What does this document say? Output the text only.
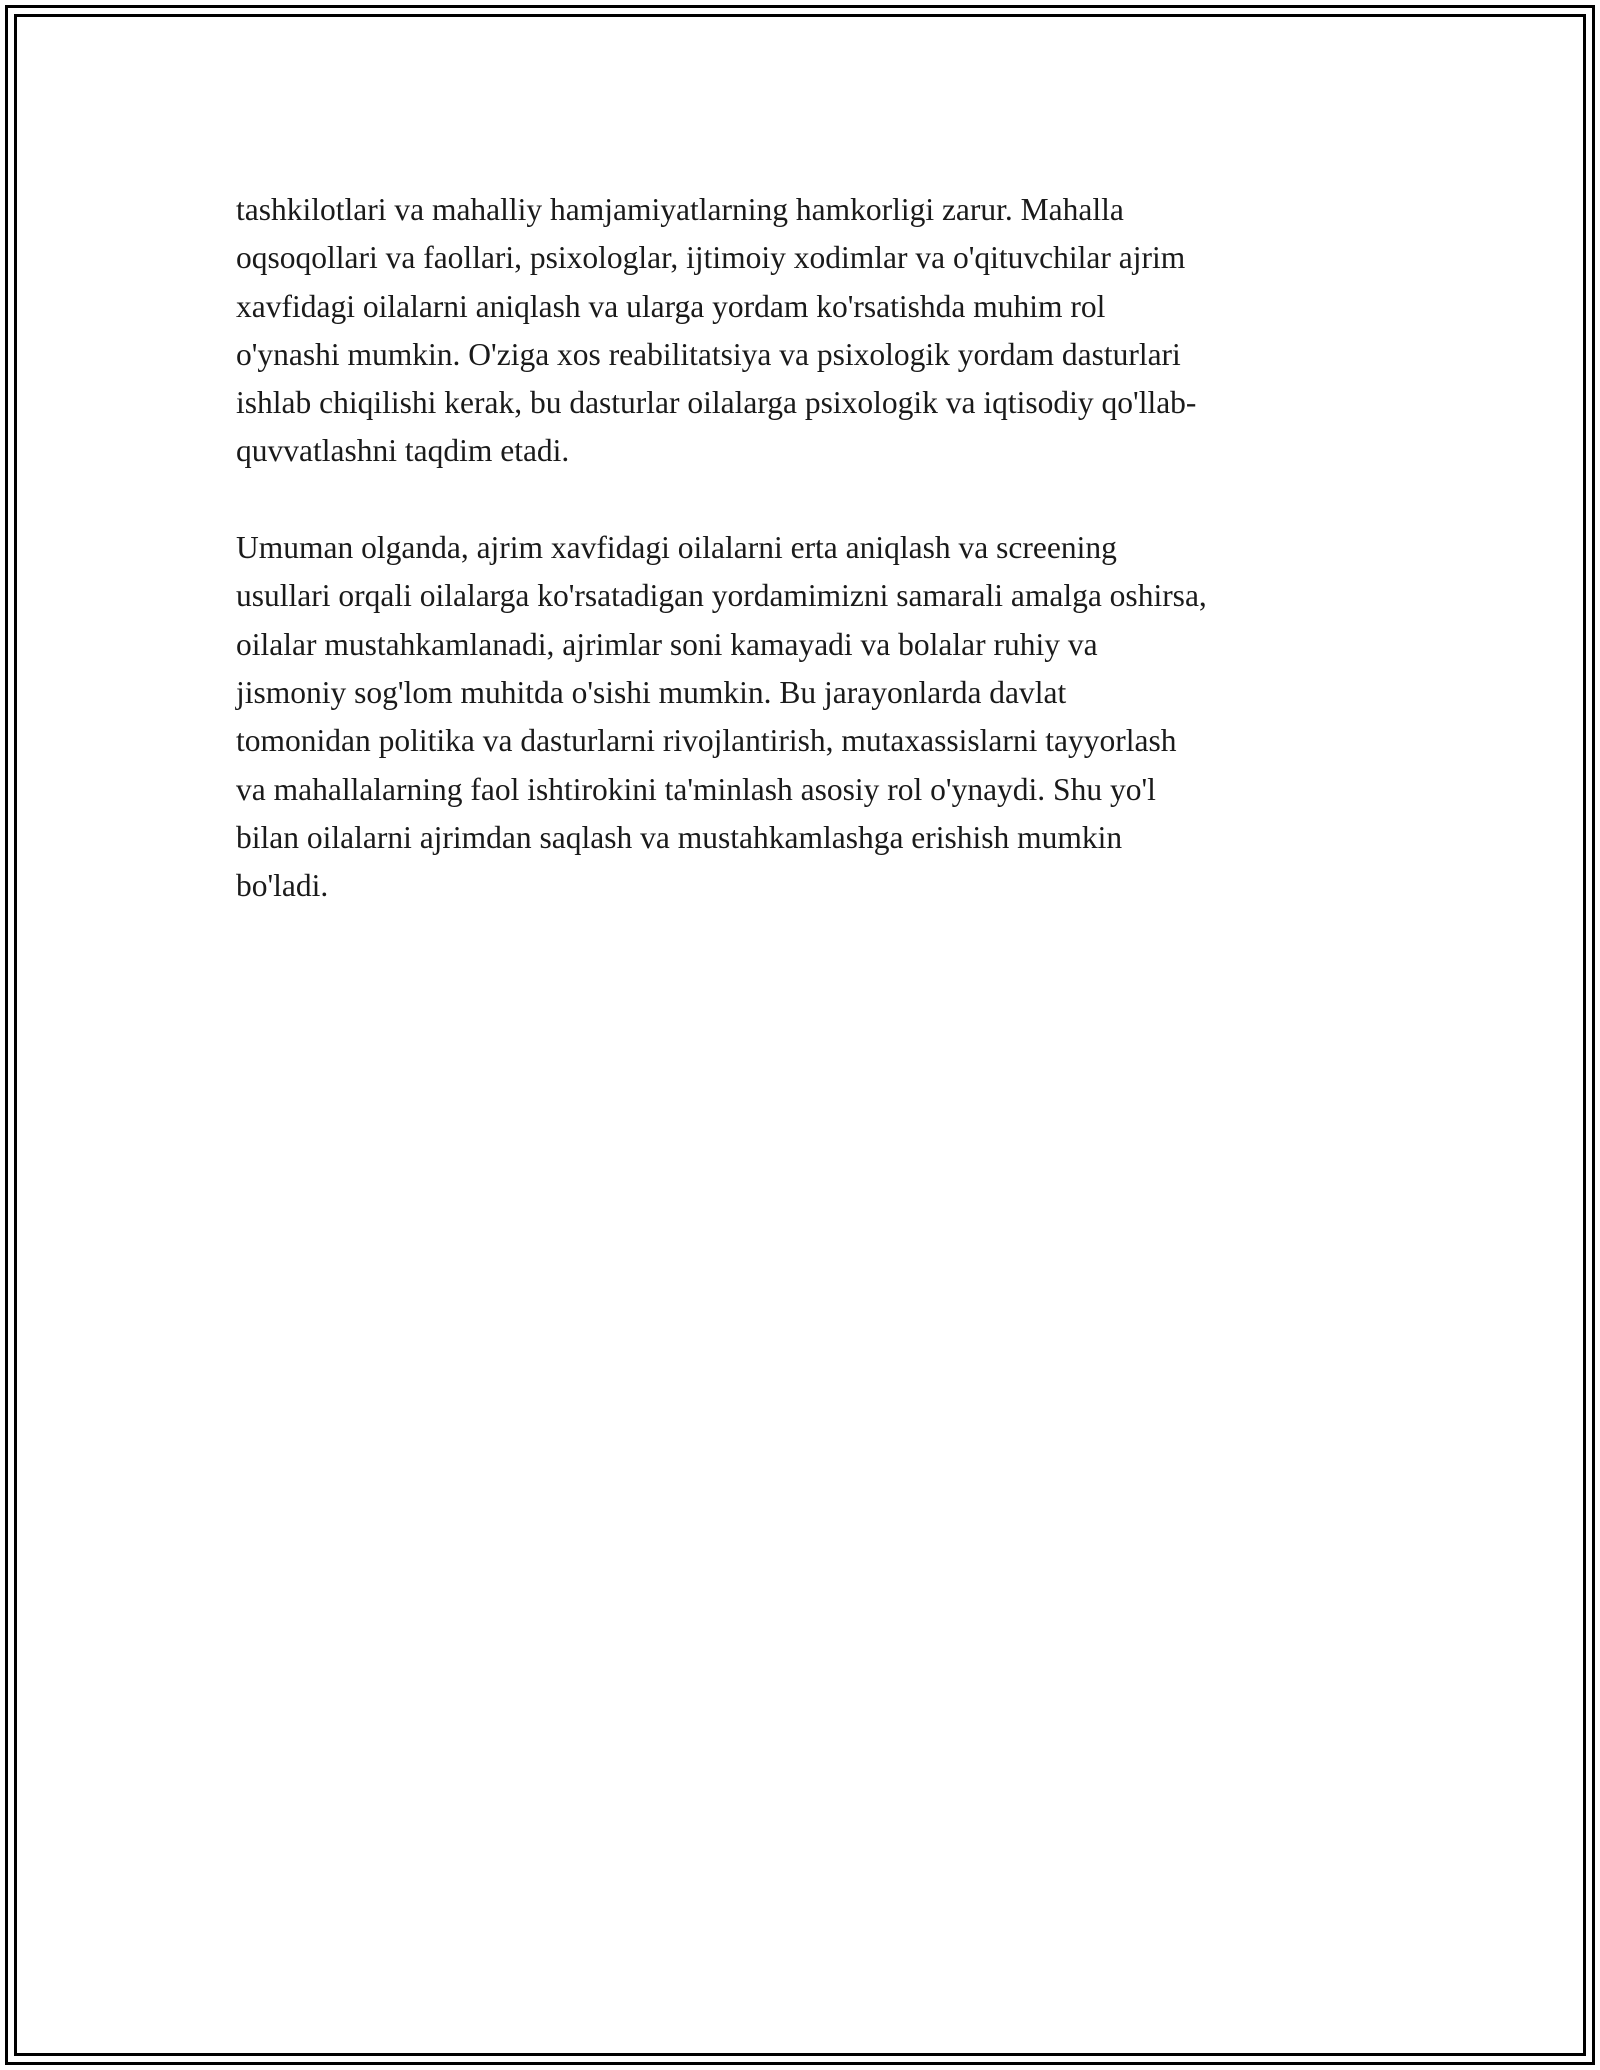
tashkilotlari va mahalliy hamjamiyatlarning hamkorligi zarur. Mahalla
oqsoqollari va faollari, psixologlar, ijtimoiy xodimlar va o'qituvchilar ajrim
xavfidagi oilalarni aniqlash va ularga yordam ko'rsatishda muhim rol
o'ynashi mumkin. O'ziga xos reabilitatsiya va psixologik yordam dasturlari
ishlab chiqilishi kerak, bu dasturlar oilalarga psixologik va iqtisodiy qo'llab-
quvvatlashni taqdim etadi.

Umuman olganda, ajrim xavfidagi oilalarni erta aniqlash va screening
usullari orqali oilalarga ko'rsatadigan yordamimizni samarali amalga oshirsa,
oilalar mustahkamlanadi, ajrimlar soni kamayadi va bolalar ruhiy va
jismoniy sog'lom muhitda o'sishi mumkin. Bu jarayonlarda davlat
tomonidan politika va dasturlarni rivojlantirish, mutaxassislarni tayyorlash
va mahallalarning faol ishtirokini ta'minlash asosiy rol o'ynaydi. Shu yo'l
bilan oilalarni ajrimdan saqlash va mustahkamlashga erishish mumkin
bo'ladi.
